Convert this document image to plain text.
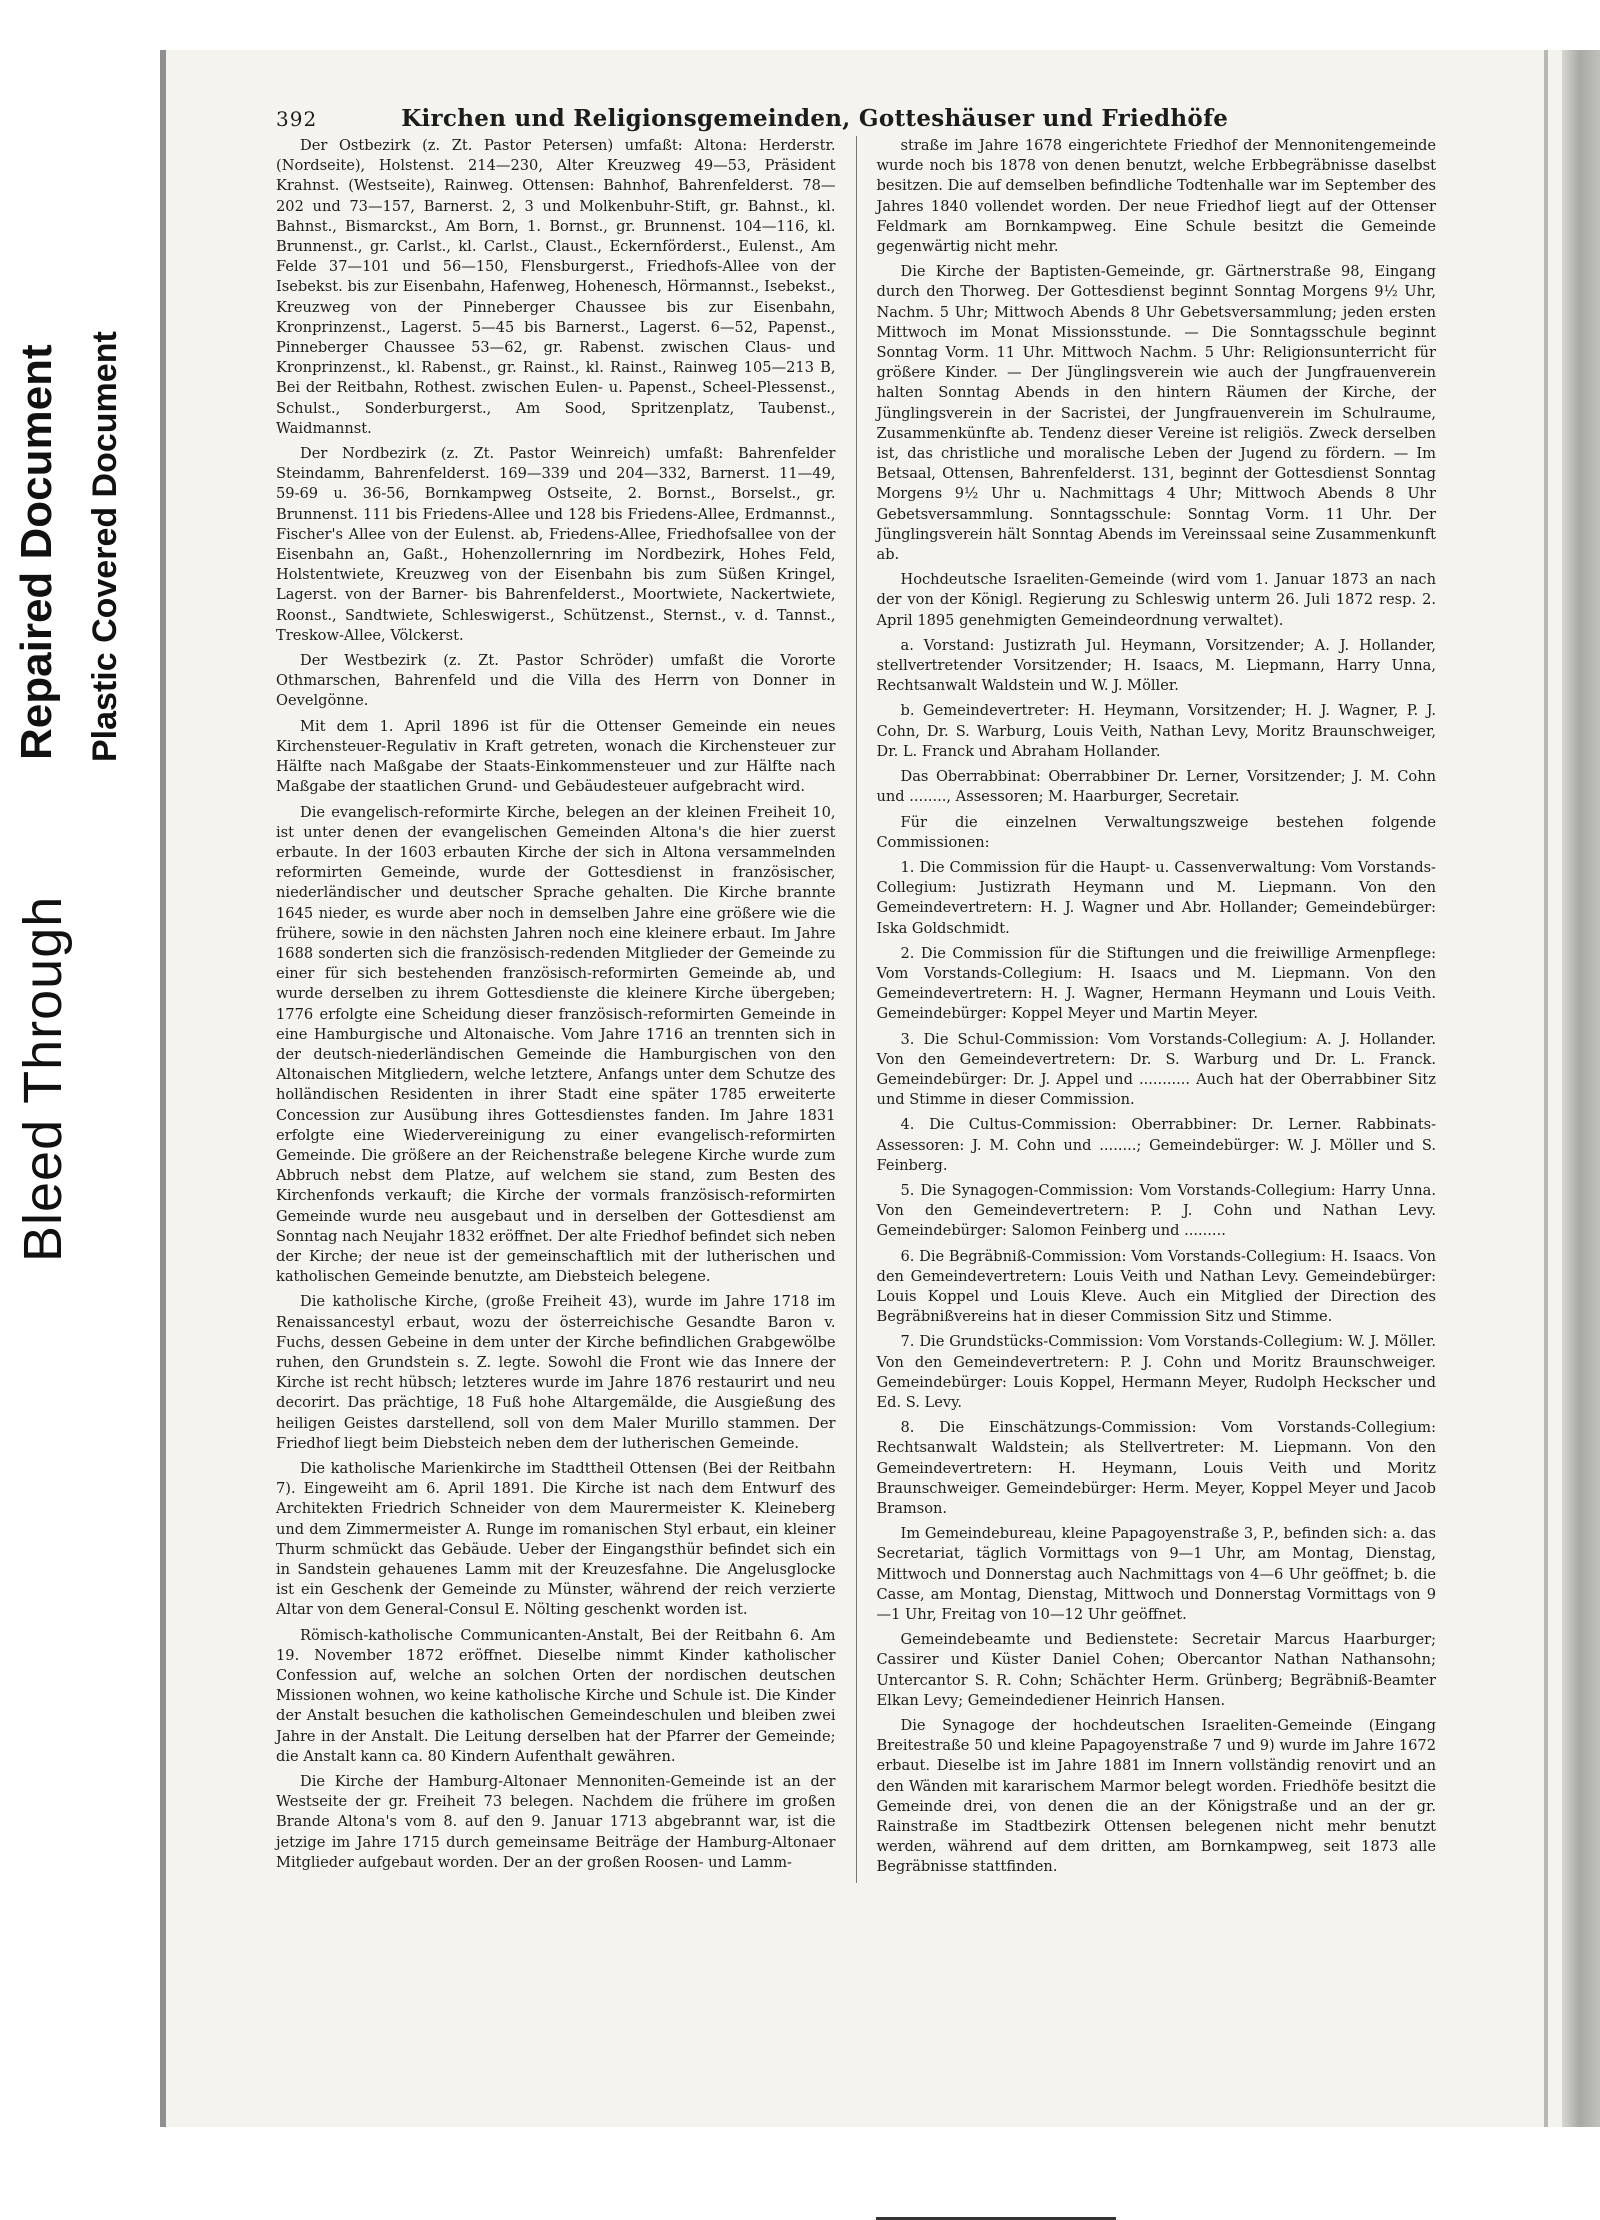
Bleed Through
Repaired Document Plastic Covered Document
392	Kirchen und Religionsgemeinden, Gotteshäuser und Friedhöfe

Der Ostbezirk (z. Zt. Pastor Petersen) umfaßt: Altona: Herderstr. (Nordseite), Holstenst. 214—230, Alter Kreuzweg 49—53, Präsident Krahnst. (Westseite), Rainweg. Ottensen: Bahnhof, Bahrenfelderst. 78—202 und 73—157, Barnerst. 2, 3 und Molkenbuhr-Stift, gr. Bahnst., kl. Bahnst., Bismarckst., Am Born, 1. Bornst., gr. Brunnenst. 104—116, kl. Brunnenst., gr. Carlst., kl. Carlst., Claust., Eckernförderst., Eulenst., Am Felde 37—101 und 56—150, Flensburgerst., Friedhofs-Allee von der Isebekst. bis zur Eisenbahn, Hafenweg, Hohenesch, Hörmannst., Isebekst., Kreuzweg von der Pinneberger Chaussee bis zur Eisenbahn, Kronprinzenst., Lagerst. 5—45 bis Barnerst., Lagerst. 6—52, Papenst., Pinneberger Chaussee 53—62, gr. Rabenst. zwischen Claus- und Kronprinzenst., kl. Rabenst., gr. Rainst., kl. Rainst., Rainweg 105—213 B, Bei der Reitbahn, Rothest. zwischen Eulen- u. Papenst., Scheel-Plessenst., Schulst., Sonderburgerst., Am Sood, Spritzenplatz, Taubenst., Waidmannst.

Der Nordbezirk (z. Zt. Pastor Weinreich) umfaßt: Bahrenfelder Steindamm, Bahrenfelderst. 169—339 und 204—332, Barnerst. 11—49, 59-69 u. 36-56, Bornkampweg Ostseite, 2. Bornst., Borselst., gr. Brunnenst. 111 bis Friedens-Allee und 128 bis Friedens-Allee, Erdmannst., Fischer's Allee von der Eulenst. ab, Friedens-Allee, Friedhofsallee von der Eisenbahn an, Gaßt., Hohenzollernring im Nordbezirk, Hohes Feld, Holstentwiete, Kreuzweg von der Eisenbahn bis zum Süßen Kringel, Lagerst. von der Barner- bis Bahrenfelderst., Moortwiete, Nackertwiete, Roonst., Sandtwiete, Schleswigerst., Schützenst., Sternst., v. d. Tannst., Treskow-Allee, Völckerst.

Der Westbezirk (z. Zt. Pastor Schröder) umfaßt die Vororte Othmarschen, Bahrenfeld und die Villa des Herrn von Donner in Oevelgönne.

Mit dem 1. April 1896 ist für die Ottenser Gemeinde ein neues Kirchensteuer-Regulativ in Kraft getreten, wonach die Kirchensteuer zur Hälfte nach Maßgabe der Staats-Einkommensteuer und zur Hälfte nach Maßgabe der staatlichen Grund- und Gebäudesteuer aufgebracht wird.

Die evangelisch-reformirte Kirche, belegen an der kleinen Freiheit 10, ist unter denen der evangelischen Gemeinden Altona's die hier zuerst erbaute. In der 1603 erbauten Kirche der sich in Altona versammelnden reformirten Gemeinde, wurde der Gottesdienst in französischer, niederländischer und deutscher Sprache gehalten. Die Kirche brannte 1645 nieder, es wurde aber noch in demselben Jahre eine größere wie die frühere, sowie in den nächsten Jahren noch eine kleinere erbaut. Im Jahre 1688 sonderten sich die französisch-redenden Mitglieder der Gemeinde zu einer für sich bestehenden französisch-reformirten Gemeinde ab, und wurde derselben zu ihrem Gottesdienste die kleinere Kirche übergeben; 1776 erfolgte eine Scheidung dieser französisch-reformirten Gemeinde in eine Hamburgische und Altonaische. Vom Jahre 1716 an trennten sich in der deutsch-niederländischen Gemeinde die Hamburgischen von den Altonaischen Mitgliedern, welche letztere, Anfangs unter dem Schutze des holländischen Residenten in ihrer Stadt eine später 1785 erweiterte Concession zur Ausübung ihres Gottesdienstes fanden. Im Jahre 1831 erfolgte eine Wiedervereinigung zu einer evangelisch-reformirten Gemeinde. Die größere an der Reichenstraße belegene Kirche wurde zum Abbruch nebst dem Platze, auf welchem sie stand, zum Besten des Kirchenfonds verkauft; die Kirche der vormals französisch-reformirten Gemeinde wurde neu ausgebaut und in derselben der Gottesdienst am Sonntag nach Neujahr 1832 eröffnet. Der alte Friedhof befindet sich neben der Kirche; der neue ist der gemeinschaftlich mit der lutherischen und katholischen Gemeinde benutzte, am Diebsteich belegene.

Die katholische Kirche, (große Freiheit 43), wurde im Jahre 1718 im Renaissancestyl erbaut, wozu der österreichische Gesandte Baron v. Fuchs, dessen Gebeine in dem unter der Kirche befindlichen Grabgewölbe ruhen, den Grundstein s. Z. legte. Sowohl die Front wie das Innere der Kirche ist recht hübsch; letzteres wurde im Jahre 1876 restaurirt und neu decorirt. Das prächtige, 18 Fuß hohe Altargemälde, die Ausgießung des heiligen Geistes darstellend, soll von dem Maler Murillo stammen. Der Friedhof liegt beim Diebsteich neben dem der lutherischen Gemeinde.

Die katholische Marienkirche im Stadttheil Ottensen (Bei der Reitbahn 7). Eingeweiht am 6. April 1891. Die Kirche ist nach dem Entwurf des Architekten Friedrich Schneider von dem Maurermeister K. Kleineberg und dem Zimmermeister A. Runge im romanischen Styl erbaut, ein kleiner Thurm schmückt das Gebäude. Ueber der Eingangsthür befindet sich ein in Sandstein gehauenes Lamm mit der Kreuzesfahne. Die Angelusglocke ist ein Geschenk der Gemeinde zu Münster, während der reich verzierte Altar von dem General-Consul E. Nölting geschenkt worden ist.

Römisch-katholische Communicanten-Anstalt, Bei der Reitbahn 6. Am 19. November 1872 eröffnet. Dieselbe nimmt Kinder katholischer Confession auf, welche an solchen Orten der nordischen deutschen Missionen wohnen, wo keine katholische Kirche und Schule ist. Die Kinder der Anstalt besuchen die katholischen Gemeindeschulen und bleiben zwei Jahre in der Anstalt. Die Leitung derselben hat der Pfarrer der Gemeinde; die Anstalt kann ca. 80 Kindern Aufenthalt gewähren.

Die Kirche der Hamburg-Altonaer Mennoniten-Gemeinde ist an der Westseite der gr. Freiheit 73 belegen. Nachdem die frühere im großen Brande Altona's vom 8. auf den 9. Januar 1713 abgebrannt war, ist die jetzige im Jahre 1715 durch gemeinsame Beiträge der Hamburg-Altonaer Mitglieder aufgebaut worden. Der an der großen Roosen- und Lamm-

straße im Jahre 1678 eingerichtete Friedhof der Mennonitengemeinde wurde noch bis 1878 von denen benutzt, welche Erbbegräbnisse daselbst besitzen. Die auf demselben befindliche Todtenhalle war im September des Jahres 1840 vollendet worden. Der neue Friedhof liegt auf der Ottenser Feldmark am Bornkampweg. Eine Schule besitzt die Gemeinde gegenwärtig nicht mehr.

Die Kirche der Baptisten-Gemeinde, gr. Gärtnerstraße 98, Eingang durch den Thorweg. Der Gottesdienst beginnt Sonntag Morgens 9½ Uhr, Nachm. 5 Uhr; Mittwoch Abends 8 Uhr Gebetsversammlung; jeden ersten Mittwoch im Monat Missionsstunde. — Die Sonntagsschule beginnt Sonntag Vorm. 11 Uhr. Mittwoch Nachm. 5 Uhr: Religionsunterricht für größere Kinder. — Der Jünglingsverein wie auch der Jungfrauenverein halten Sonntag Abends in den hintern Räumen der Kirche, der Jünglingsverein in der Sacristei, der Jungfrauenverein im Schulraume, Zusammenkünfte ab. Tendenz dieser Vereine ist religiös. Zweck derselben ist, das christliche und moralische Leben der Jugend zu fördern. — Im Betsaal, Ottensen, Bahrenfelderst. 131, beginnt der Gottesdienst Sonntag Morgens 9½ Uhr u. Nachmittags 4 Uhr; Mittwoch Abends 8 Uhr Gebetsversammlung. Sonntagsschule: Sonntag Vorm. 11 Uhr. Der Jünglingsverein hält Sonntag Abends im Vereinssaal seine Zusammenkunft ab.

Hochdeutsche Israeliten-Gemeinde (wird vom 1. Januar 1873 an nach der von der Königl. Regierung zu Schleswig unterm 26. Juli 1872 resp. 2. April 1895 genehmigten Gemeindeordnung verwaltet).

a. Vorstand: Justizrath Jul. Heymann, Vorsitzender; A. J. Hollander, stellvertretender Vorsitzender; H. Isaacs, M. Liepmann, Harry Unna, Rechtsanwalt Waldstein und W. J. Möller.

b. Gemeindevertreter: H. Heymann, Vorsitzender; H. J. Wagner, P. J. Cohn, Dr. S. Warburg, Louis Veith, Nathan Levy, Moritz Braunschweiger, Dr. L. Franck und Abraham Hollander.

Das Oberrabbinat: Oberrabbiner Dr. Lerner, Vorsitzender; J. M. Cohn und ........, Assessoren; M. Haarburger, Secretair.

Für die einzelnen Verwaltungszweige bestehen folgende Commissionen:

1. Die Commission für die Haupt- u. Cassenverwaltung: Vom Vorstands-Collegium: Justizrath Heymann und M. Liepmann. Von den Gemeindevertretern: H. J. Wagner und Abr. Hollander; Gemeindebürger: Iska Goldschmidt.

2. Die Commission für die Stiftungen und die freiwillige Armenpflege: Vom Vorstands-Collegium: H. Isaacs und M. Liepmann. Von den Gemeindevertretern: H. J. Wagner, Hermann Heymann und Louis Veith. Gemeindebürger: Koppel Meyer und Martin Meyer.

3. Die Schul-Commission: Vom Vorstands-Collegium: A. J. Hollander. Von den Gemeindevertretern: Dr. S. Warburg und Dr. L. Franck. Gemeindebürger: Dr. J. Appel und ........... Auch hat der Oberrabbiner Sitz und Stimme in dieser Commission.

4. Die Cultus-Commission: Oberrabbiner: Dr. Lerner. Rabbinats-Assessoren: J. M. Cohn und ........; Gemeindebürger: W. J. Möller und S. Feinberg.

5. Die Synagogen-Commission: Vom Vorstands-Collegium: Harry Unna. Von den Gemeindevertretern: P. J. Cohn und Nathan Levy. Gemeindebürger: Salomon Feinberg und .........

6. Die Begräbniß-Commission: Vom Vorstands-Collegium: H. Isaacs. Von den Gemeindevertretern: Louis Veith und Nathan Levy. Gemeindebürger: Louis Koppel und Louis Kleve. Auch ein Mitglied der Direction des Begräbnißvereins hat in dieser Commission Sitz und Stimme.

7. Die Grundstücks-Commission: Vom Vorstands-Collegium: W. J. Möller. Von den Gemeindevertretern: P. J. Cohn und Moritz Braunschweiger. Gemeindebürger: Louis Koppel, Hermann Meyer, Rudolph Heckscher und Ed. S. Levy.

8. Die Einschätzungs-Commission: Vom Vorstands-Collegium: Rechtsanwalt Waldstein; als Stellvertreter: M. Liepmann. Von den Gemeindevertretern: H. Heymann, Louis Veith und Moritz Braunschweiger. Gemeindebürger: Herm. Meyer, Koppel Meyer und Jacob Bramson.

Im Gemeindebureau, kleine Papagoyenstraße 3, P., befinden sich: a. das Secretariat, täglich Vormittags von 9—1 Uhr, am Montag, Dienstag, Mittwoch und Donnerstag auch Nachmittags von 4—6 Uhr geöffnet; b. die Casse, am Montag, Dienstag, Mittwoch und Donnerstag Vormittags von 9—1 Uhr, Freitag von 10—12 Uhr geöffnet.

Gemeindebeamte und Bedienstete: Secretair Marcus Haarburger; Cassirer und Küster Daniel Cohen; Obercantor Nathan Nathansohn; Untercantor S. R. Cohn; Schächter Herm. Grünberg; Begräbniß-Beamter Elkan Levy; Gemeindediener Heinrich Hansen.

Die Synagoge der hochdeutschen Israeliten-Gemeinde (Eingang Breitestraße 50 und kleine Papagoyenstraße 7 und 9) wurde im Jahre 1672 erbaut. Dieselbe ist im Jahre 1881 im Innern vollständig renovirt und an den Wänden mit kararischem Marmor belegt worden. Friedhöfe besitzt die Gemeinde drei, von denen die an der Königstraße und an der gr. Rainstraße im Stadtbezirk Ottensen belegenen nicht mehr benutzt werden, während auf dem dritten, am Bornkampweg, seit 1873 alle Begräbnisse stattfinden.
